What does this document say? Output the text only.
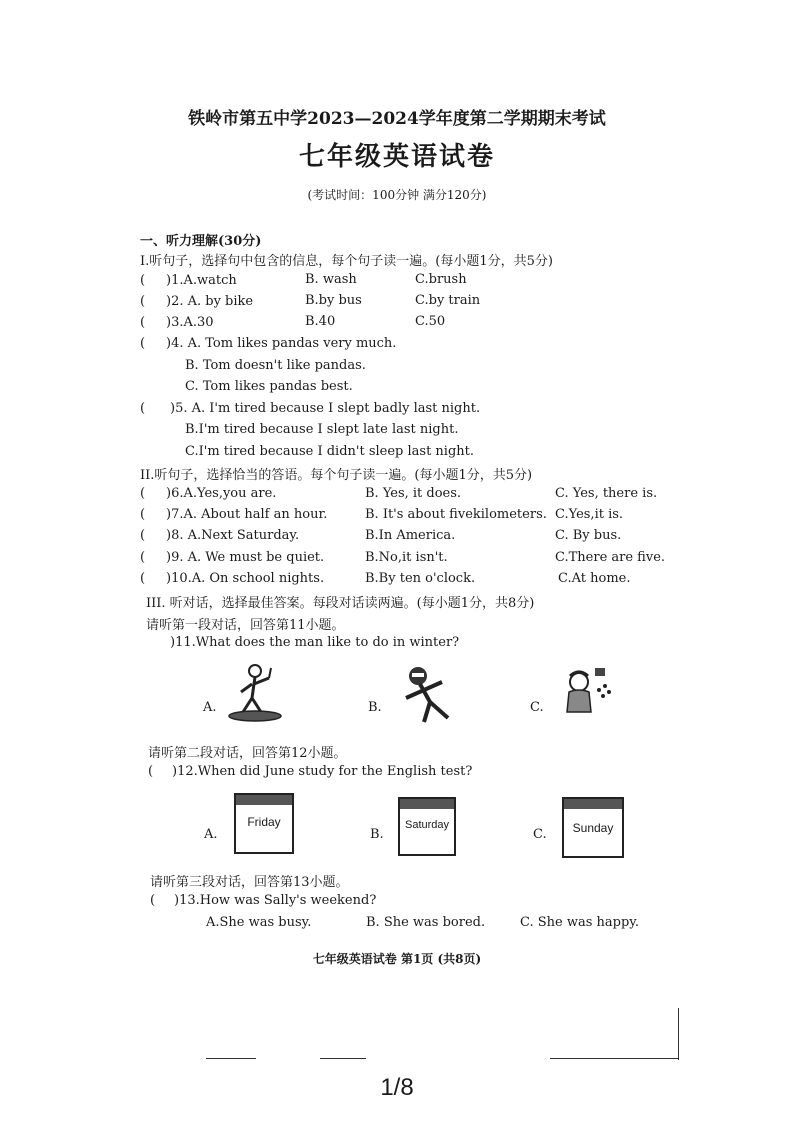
铁岭市第五中学2023—2024学年度第二学期期末考试
七年级英语试卷
(考试时间：100分钟 满分120分)
一、听力理解(30分)
I.听句子，选择句中包含的信息，每个句子读一遍。(每小题1分，共5分)
( )1.A.watch	B. wash	C.brush
( )2. A. by bike	B.by bus	C.by train
( )3.A.30	B.40	C.50
( )4. A. Tom likes pandas very much.
B. Tom doesn't like pandas.
C. Tom likes pandas best.
( )5. A. I'm tired because I slept badly last night.
B.I'm tired because I slept late last night.
C.I'm tired because I didn't sleep last night.
II.听句子，选择恰当的答语。每个句子读一遍。(每小题1分，共5分)
( )6.A.Yes,you are.	B. Yes, it does.	C. Yes, there is.
( )7.A. About half an hour.	B. It's about fivekilometers. C.Yes,it is.
( )8. A.Next Saturday.	B.In America.	C. By bus.
( )9. A. We must be quiet.	B.No,it isn't.	C.There are five.
( )10.A. On school nights.	B.By ten o'clock.	C.At home.
III. 听对话，选择最佳答案。每段对话读两遍。(每小题1分，共8分)
请听第一段对话，回答第11小题。
)11.What does the man like to do in winter?
A.	B.	C.
请听第二段对话，回答第12小题。
( )12.When did June study for the English test?
A.
Friday
B.
Saturday
C.	Sunday
请听第三段对话，回答第13小题。
( )13.How was Sally's weekend?
A.She was busy.	B. She was bored.	C. She was happy.
七年级英语试卷 第1页 (共8页)
1/8
